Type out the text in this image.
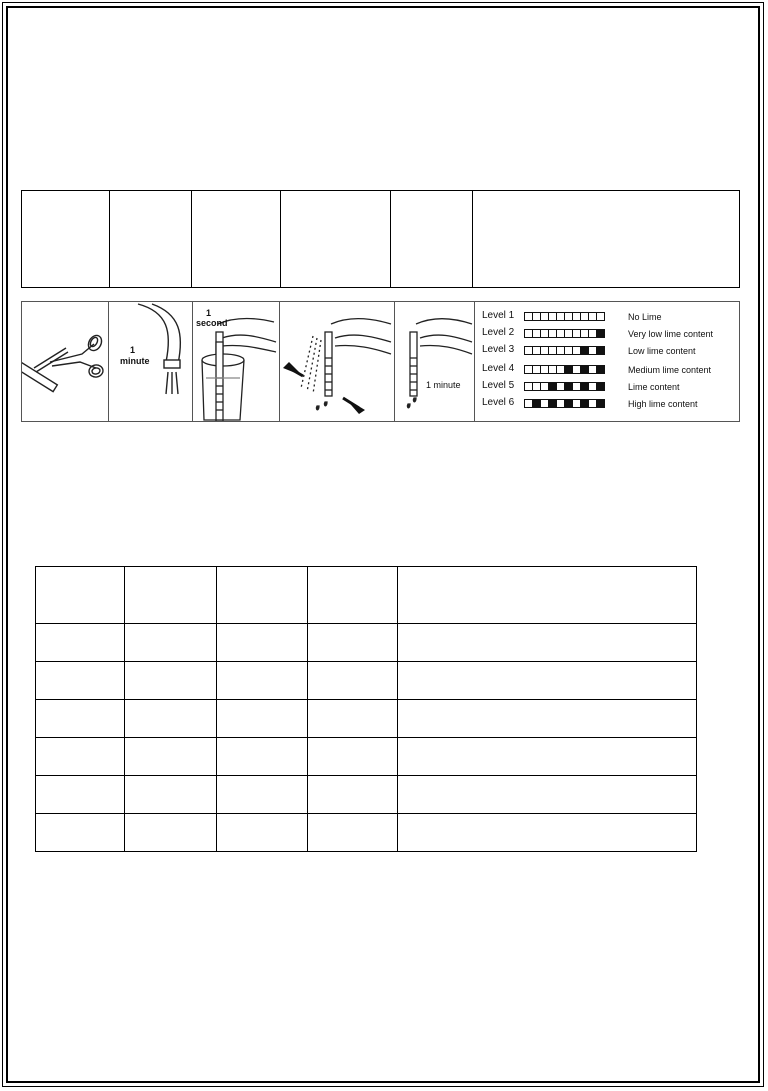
1
minute
1
second
1 minute
Level 1	No Lime
Level 2	Very low lime content
Level 3	Low lime content
Level 4	Medium lime content
Level 5	Lime content
Level 6	High lime content
